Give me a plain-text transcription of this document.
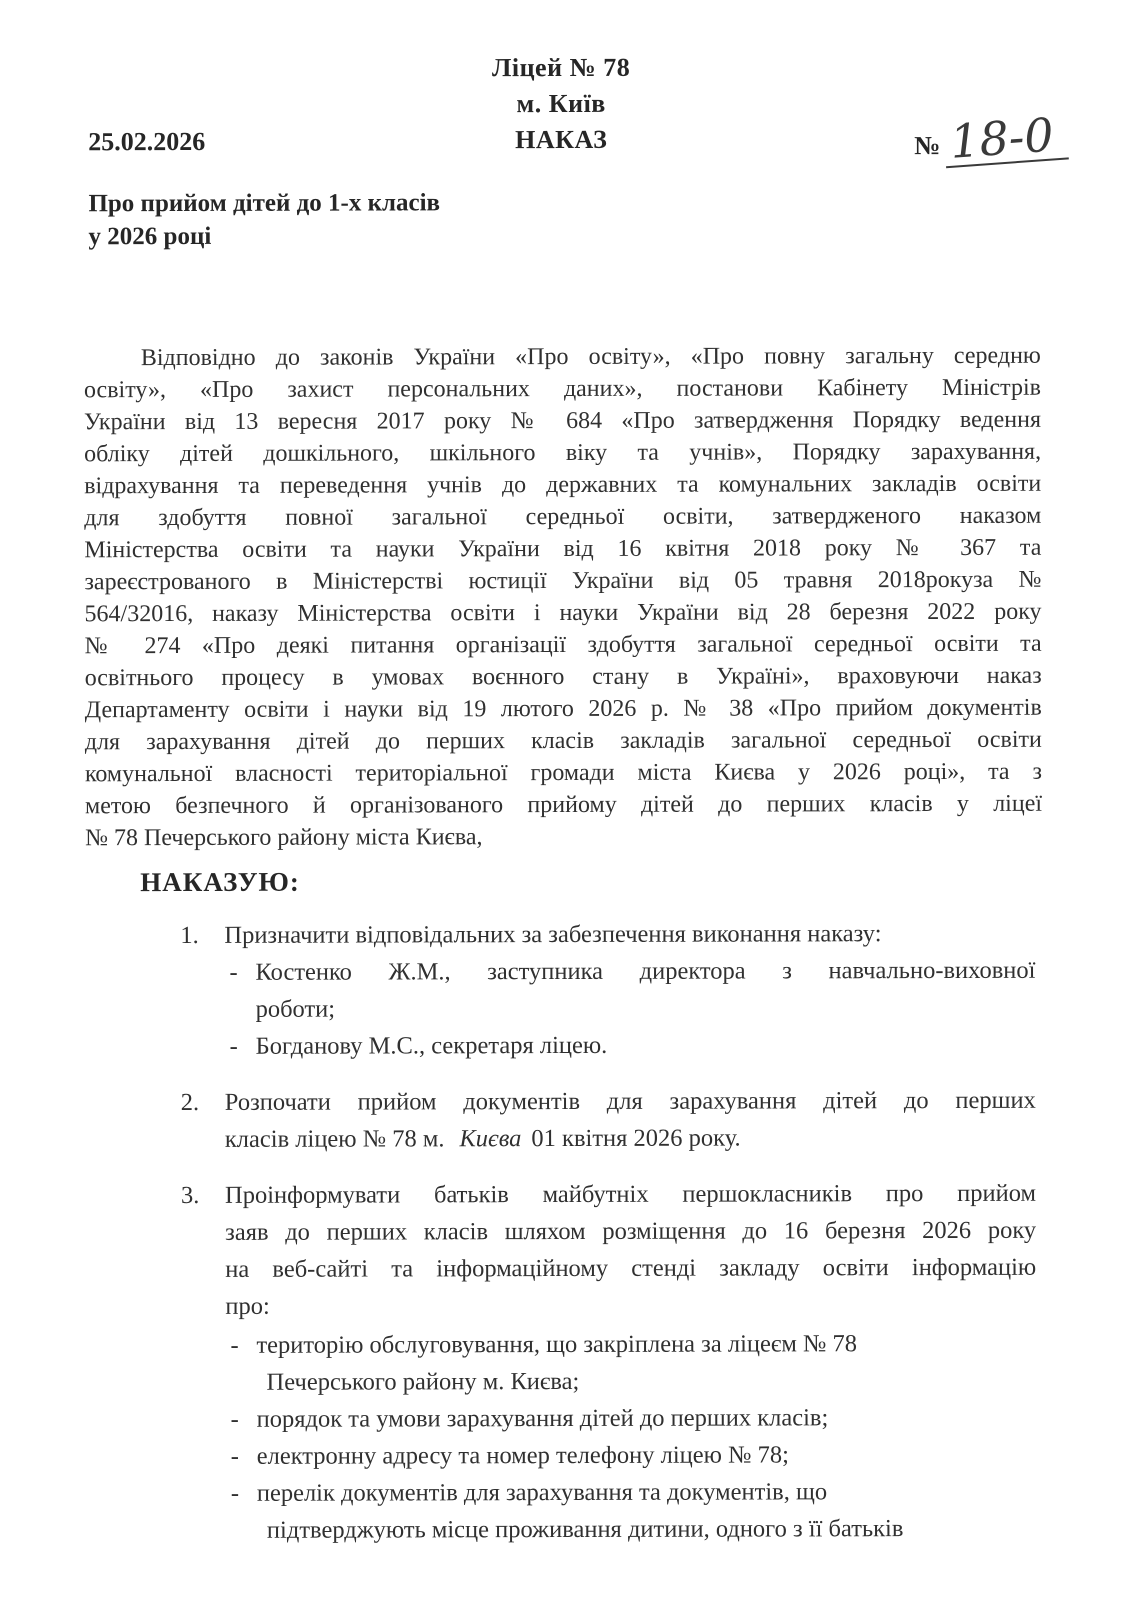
Ліцей № 78
м. Київ
НАКАЗ
25.02.2026	№ 18-0
Про прийом дітей до 1-х класів
у 2026 році
Відповідно до законів України «Про освіту», «Про повну загальну середню
освіту», «Про захист персональних даних», постанови Кабінету Міністрів
України від 13 вересня 2017 року № 684 «Про затвердження Порядку ведення
обліку дітей дошкільного, шкільного віку та учнів», Порядку зарахування,
відрахування та переведення учнів до державних та комунальних закладів освіти
для здобуття повної загальної середньої освіти, затвердженого наказом
Міністерства освіти та науки України від 16 квітня 2018 року № 367 та
зареєстрованого в Міністерстві юстиції України від 05 травня 2018рокуза №
564/32016, наказу Міністерства освіти і науки України від 28 березня 2022 року
№ 274 «Про деякі питання організації здобуття загальної середньої освіти та
освітнього процесу в умовах воєнного стану в Україні», враховуючи наказ
Департаменту освіти і науки від 19 лютого 2026 р. № 38 «Про прийом документів
для зарахування дітей до перших класів закладів загальної середньої освіти
комунальної власності територіальної громади міста Києва у 2026 році», та з
метою безпечного й організованого прийому дітей до перших класів у ліцеї
№ 78 Печерського району міста Києва,
НАКАЗУЮ:
1.	Призначити відповідальних за забезпечення виконання наказу:
- Костенко Ж.М., заступника директора з навчально-виховної
роботи;
- Богданову М.С., секретаря ліцею.
2.	Розпочати прийом документів для зарахування дітей до перших
класів ліцею № 78 м. Києва 01 квітня 2026 року.
3.	Проінформувати батьків майбутніх першокласників про прийом
заяв до перших класів шляхом розміщення до 16 березня 2026 року
на веб-сайті та інформаційному стенді закладу освіти інформацію
про:
- територію обслуговування, що закріплена за ліцеєм № 78
Печерського району м. Києва;
- порядок та умови зарахування дітей до перших класів;
- електронну адресу та номер телефону ліцею № 78;
- перелік документів для зарахування та документів, що
підтверджують місце проживання дитини, одного з її батьків
